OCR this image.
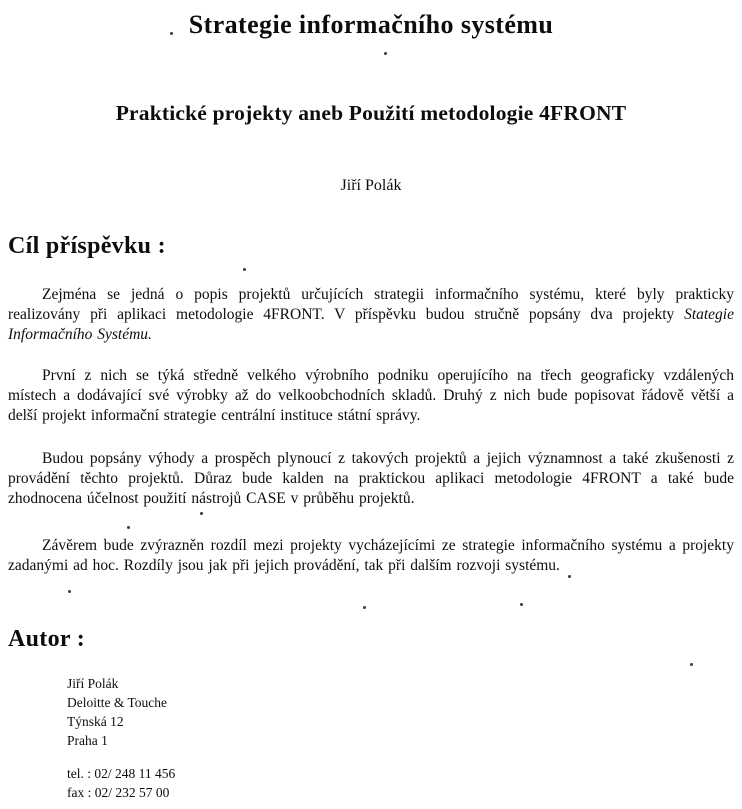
Strategie informačního systému
Praktické projekty aneb Použití metodologie 4FRONT
Jiří Polák
Cíl příspěvku :

Zejména se jedná o popis projektů určujících strategii informačního systému, které byly prakticky realizovány při aplikaci metodologie 4FRONT. V příspěvku budou stručně popsány dva projekty Stategie Informačního Systému.

První z nich se týká středně velkého výrobního podniku operujícího na třech geograficky vzdálených místech a dodávající své výrobky až do velkoobchodních skladů. Druhý z nich bude popisovat řádově větší a delší projekt informační strategie centrální instituce státní správy.

Budou popsány výhody a prospěch plynoucí z takových projektů a jejich významnost a také zkušenosti z provádění těchto projektů. Důraz bude kalden na praktickou aplikaci metodologie 4FRONT a také bude zhodnocena účelnost použití nástrojů CASE v průběhu projektů.

Závěrem bude zvýrazněn rozdíl mezi projekty vycházejícími ze strategie informačního systému a projekty zadanými ad hoc. Rozdíly jsou jak při jejich provádění, tak při dalším rozvoji systému.

Autor :
Jiří Polák
Deloitte & Touche
Týnská 12
Praha 1
tel. : 02/ 248 11 456
fax : 02/ 232 57 00
